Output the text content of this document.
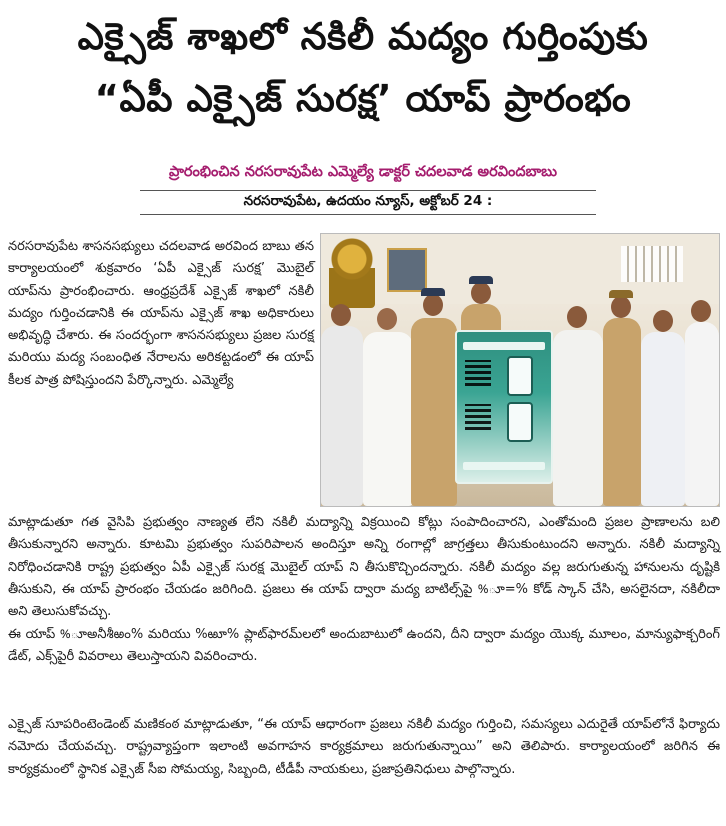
ఎక్సైజ్ శాఖలో నకిలీ మద్యం గుర్తింపుకు
“ఏపీ ఎక్సైజ్ సురక్ష’ యాప్ ప్రారంభం
ప్రారంభించిన నరసరావుపేట ఎమ్మెల్యే డాక్టర్ చదలవాడ అరవిందబాబు
నరసరావుపేట, ఉదయం న్యూస్, అక్టోబర్ 24 :

నరసరావుపేట శాసనసభ్యులు చదలవాడ అరవింద బాబు తన కార్యాలయంలో శుక్రవారం ‘ఏపీ ఎక్సైజ్ సురక్ష’ మొబైల్ యాప్‌ను ప్రారంభించారు. ఆంధ్రప్రదేశ్ ఎక్సైజ్ శాఖలో నకిలీ మద్యం గుర్తించడానికి ఈ యాప్‌ను ఎక్సైజ్ శాఖ అధికారులు అభివృద్ధి చేశారు. ఈ సందర్భంగా శాసనసభ్యులు ప్రజల సురక్ష మరియు మద్య సంబంధిత నేరాలను అరికట్టడంలో ఈ యాప్ కీలక పాత్ర పోషిస్తుందని పేర్కొన్నారు. ఎమ్మెల్యే

మాట్లాడుతూ గత వైసిపి ప్రభుత్వం నాణ్యత లేని నకిలీ మద్యాన్ని విక్రయించి కోట్లు సంపాదించారని, ఎంతోమంది ప్రజల ప్రాణాలను బలి తీసుకున్నారని అన్నారు. కూటమి ప్రభుత్వం సుపరిపాలన అందిస్తూ అన్ని రంగాల్లో జాగ్రత్తలు తీసుకుంటుందని అన్నారు. నకిలీ మద్యాన్ని నిరోధించడానికి రాష్ట్ర ప్రభుత్వం ఏపీ ఎక్సైజ్ సురక్ష మొబైల్ యాప్ ని తీసుకొచ్చిందన్నారు. నకిలీ మద్యం వల్ల జరుగుతున్న హానులను దృష్టికి తీసుకుని, ఈ యాప్ ప్రారంభం చేయడం జరిగింది. ప్రజలు ఈ యాప్ ద్వారా మద్య బాటిల్స్‌పై %ూ=% కోడ్ స్కాన్ చేసి, అసలైనదా, నకిలీదా అని తెలుసుకోవచ్చు.

ఈ యాప్ %ూఅనీశీఱం% మరియు %ఱూ% ప్లాట్‌ఫారమ్‌లలో అందుబాటులో ఉందని, దీని ద్వారా మద్యం యొక్క మూలం, మాన్యుఫాక్చరింగ్ డేట్, ఎక్స్‌పైరీ వివరాలు తెలుస్తాయని వివరించారు.

ఎక్సైజ్ సూపరింటెండెంట్ మణికంఠ మాట్లాడుతూ, “ఈ యాప్ ఆధారంగా ప్రజలు నకిలీ మద్యం గుర్తించి, సమస్యలు ఎదురైతే యాప్‌లోనే ఫిర్యాదు నమోదు చేయవచ్చు. రాష్ట్రవ్యాప్తంగా ఇలాంటి అవగాహన కార్యక్రమాలు జరుగుతున్నాయి” అని తెలిపారు. కార్యాలయంలో జరిగిన ఈ కార్యక్రమంలో స్థానిక ఎక్సైజ్ సీఐ సోమయ్య, సిబ్బంది, టీడీపీ నాయకులు, ప్రజాప్రతినిధులు పాల్గొన్నారు.
